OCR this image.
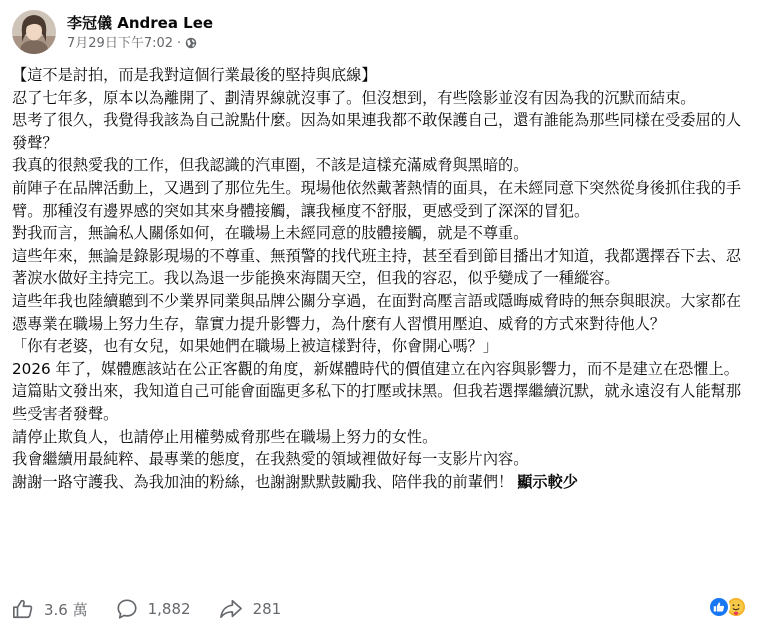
李冠儀 Andrea Lee
7月29日下午7:02 ·

【這不是討拍，而是我對這個行業最後的堅持與底線】

忍了七年多，原本以為離開了、劃清界線就沒事了。但沒想到，有些陰影並沒有因為我的沉默而結束。

思考了很久，我覺得我該為自己說點什麼。因為如果連我都不敢保護自己，還有誰能為那些同樣在受委屈的人發聲？

我真的很熱愛我的工作，但我認識的汽車圈，不該是這樣充滿威脅與黑暗的。

前陣子在品牌活動上，又遇到了那位先生。現場他依然戴著熱情的面具，在未經同意下突然從身後抓住我的手臂。那種沒有邊界感的突如其來身體接觸，讓我極度不舒服，更感受到了深深的冒犯。

對我而言，無論私人關係如何，在職場上未經同意的肢體接觸，就是不尊重。

這些年來，無論是錄影現場的不尊重、無預警的找代班主持，甚至看到節目播出才知道，我都選擇吞下去、忍著淚水做好主持完工。我以為退一步能換來海闊天空，但我的容忍，似乎變成了一種縱容。

這些年我也陸續聽到不少業界同業與品牌公關分享過，在面對高壓言語或隱晦威脅時的無奈與眼淚。大家都在憑專業在職場上努力生存，靠實力提升影響力，為什麼有人習慣用壓迫、威脅的方式來對待他人？

「你有老婆，也有女兒，如果她們在職場上被這樣對待，你會開心嗎？」

2026 年了，媒體應該站在公正客觀的角度，新媒體時代的價值建立在內容與影響力，而不是建立在恐懼上。

這篇貼文發出來，我知道自己可能會面臨更多私下的打壓或抹黑。但我若選擇繼續沉默，就永遠沒有人能幫那些受害者發聲。

請停止欺負人，也請停止用權勢威脅那些在職場上努力的女性。

我會繼續用最純粹、最專業的態度，在我熱愛的領域裡做好每一支影片內容。

謝謝一路守護我、為我加油的粉絲，也謝謝默默鼓勵我、陪伴我的前輩們！ 顯示較少

3.6 萬	1,882	281
